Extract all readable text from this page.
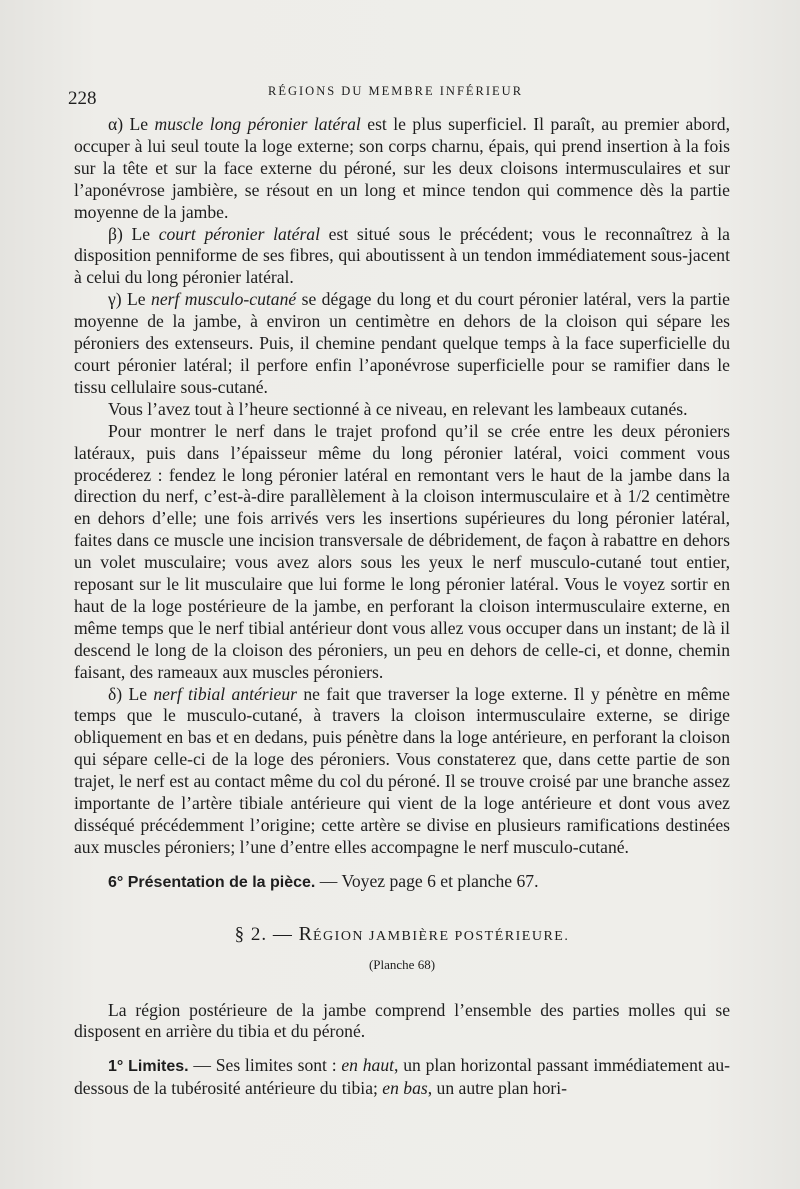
228	RÉGIONS DU MEMBRE INFÉRIEUR

α) Le muscle long péronier latéral est le plus superficiel. Il paraît, au premier abord, occuper à lui seul toute la loge externe; son corps charnu, épais, qui prend insertion à la fois sur la tête et sur la face externe du péroné, sur les deux cloisons intermusculaires et sur l’aponévrose jambière, se résout en un long et mince tendon qui commence dès la partie moyenne de la jambe.

β) Le court péronier latéral est situé sous le précédent; vous le reconnaîtrez à la disposition penniforme de ses fibres, qui aboutissent à un tendon immédiatement sous-jacent à celui du long péronier latéral.

γ) Le nerf musculo-cutané se dégage du long et du court péronier latéral, vers la partie moyenne de la jambe, à environ un centimètre en dehors de la cloison qui sépare les péroniers des extenseurs. Puis, il chemine pendant quelque temps à la face superficielle du court péronier latéral; il perfore enfin l’aponévrose superficielle pour se ramifier dans le tissu cellulaire sous-cutané.

Vous l’avez tout à l’heure sectionné à ce niveau, en relevant les lambeaux cutanés.

Pour montrer le nerf dans le trajet profond qu’il se crée entre les deux péroniers latéraux, puis dans l’épaisseur même du long péronier latéral, voici comment vous procéderez : fendez le long péronier latéral en remontant vers le haut de la jambe dans la direction du nerf, c’est-à-dire parallèlement à la cloison intermusculaire et à 1/2 centimètre en dehors d’elle; une fois arrivés vers les insertions supérieures du long péronier latéral, faites dans ce muscle une incision transversale de débridement, de façon à rabattre en dehors un volet musculaire; vous avez alors sous les yeux le nerf musculo-cutané tout entier, reposant sur le lit musculaire que lui forme le long péronier latéral. Vous le voyez sortir en haut de la loge postérieure de la jambe, en perforant la cloison intermusculaire externe, en même temps que le nerf tibial antérieur dont vous allez vous occuper dans un instant; de là il descend le long de la cloison des péroniers, un peu en dehors de celle-ci, et donne, chemin faisant, des rameaux aux muscles péroniers.

δ) Le nerf tibial antérieur ne fait que traverser la loge externe. Il y pénètre en même temps que le musculo-cutané, à travers la cloison intermusculaire externe, se dirige obliquement en bas et en dedans, puis pénètre dans la loge antérieure, en perforant la cloison qui sépare celle-ci de la loge des péroniers. Vous constaterez que, dans cette partie de son trajet, le nerf est au contact même du col du péroné. Il se trouve croisé par une branche assez importante de l’artère tibiale antérieure qui vient de la loge antérieure et dont vous avez disséqué précédemment l’origine; cette artère se divise en plusieurs ramifications destinées aux muscles péroniers; l’une d’entre elles accompagne le nerf musculo-cutané.

6° Présentation de la pièce. — Voyez page 6 et planche 67.

§ 2. — RÉGION JAMBIÈRE POSTÉRIEURE.

(Planche 68)

La région postérieure de la jambe comprend l’ensemble des parties molles qui se disposent en arrière du tibia et du péroné.

1° Limites. — Ses limites sont : en haut, un plan horizontal passant immédiatement au-dessous de la tubérosité antérieure du tibia; en bas, un autre plan hori-
